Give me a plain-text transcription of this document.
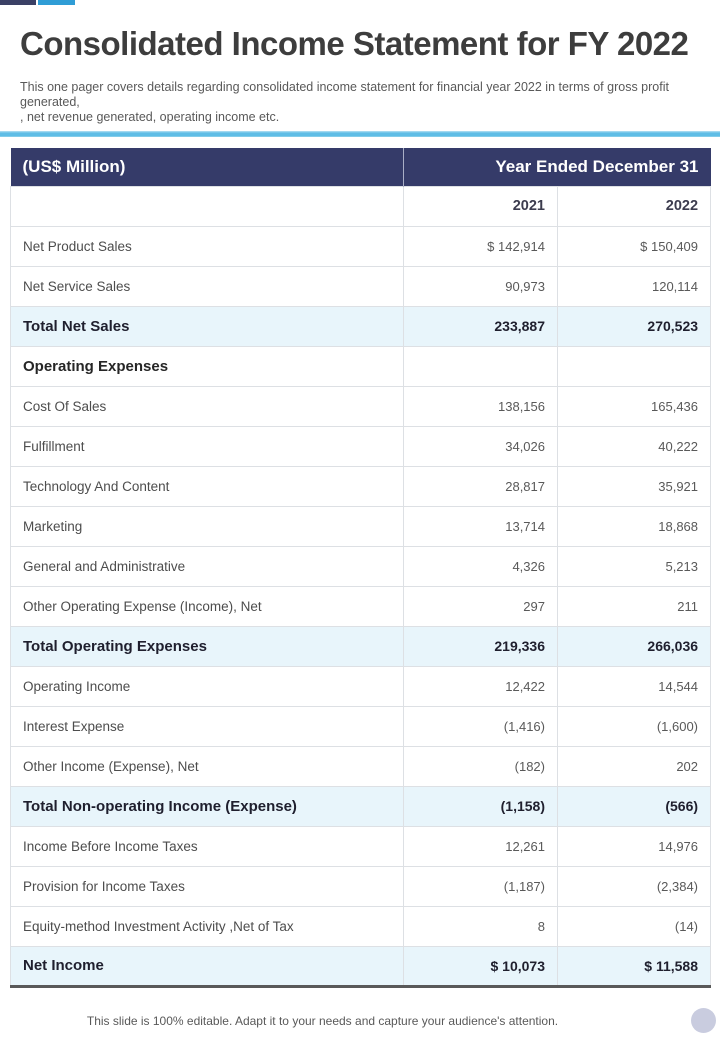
Consolidated Income Statement for FY 2022

This one pager covers details regarding consolidated income statement for financial year 2022 in terms of gross profit generated,
, net revenue generated, operating income etc.

(US$ Million)	Year Ended December 31	
	2021	2022
Net Product Sales	$ 142,914	$ 150,409
Net Service Sales	90,973	120,114
Total Net Sales	233,887	270,523
Operating Expenses		
Cost Of Sales	138,156	165,436
Fulfillment	34,026	40,222
Technology And Content	28,817	35,921
Marketing	13,714	18,868
General and Administrative	4,326	5,213
Other Operating Expense (Income), Net	297	211
Total Operating Expenses	219,336	266,036
Operating Income	12,422	14,544
Interest Expense	(1,416)	(1,600)
Other Income (Expense), Net	(182)	202
Total Non-operating Income (Expense)	(1,158)	(566)
Income Before Income Taxes	12,261	14,976
Provision for Income Taxes	(1,187)	(2,384)
Equity-method Investment Activity ,Net of Tax	8	(14)
Net Income	$ 10,073	$ 11,588

This slide is 100% editable. Adapt it to your needs and capture your audience's attention.
